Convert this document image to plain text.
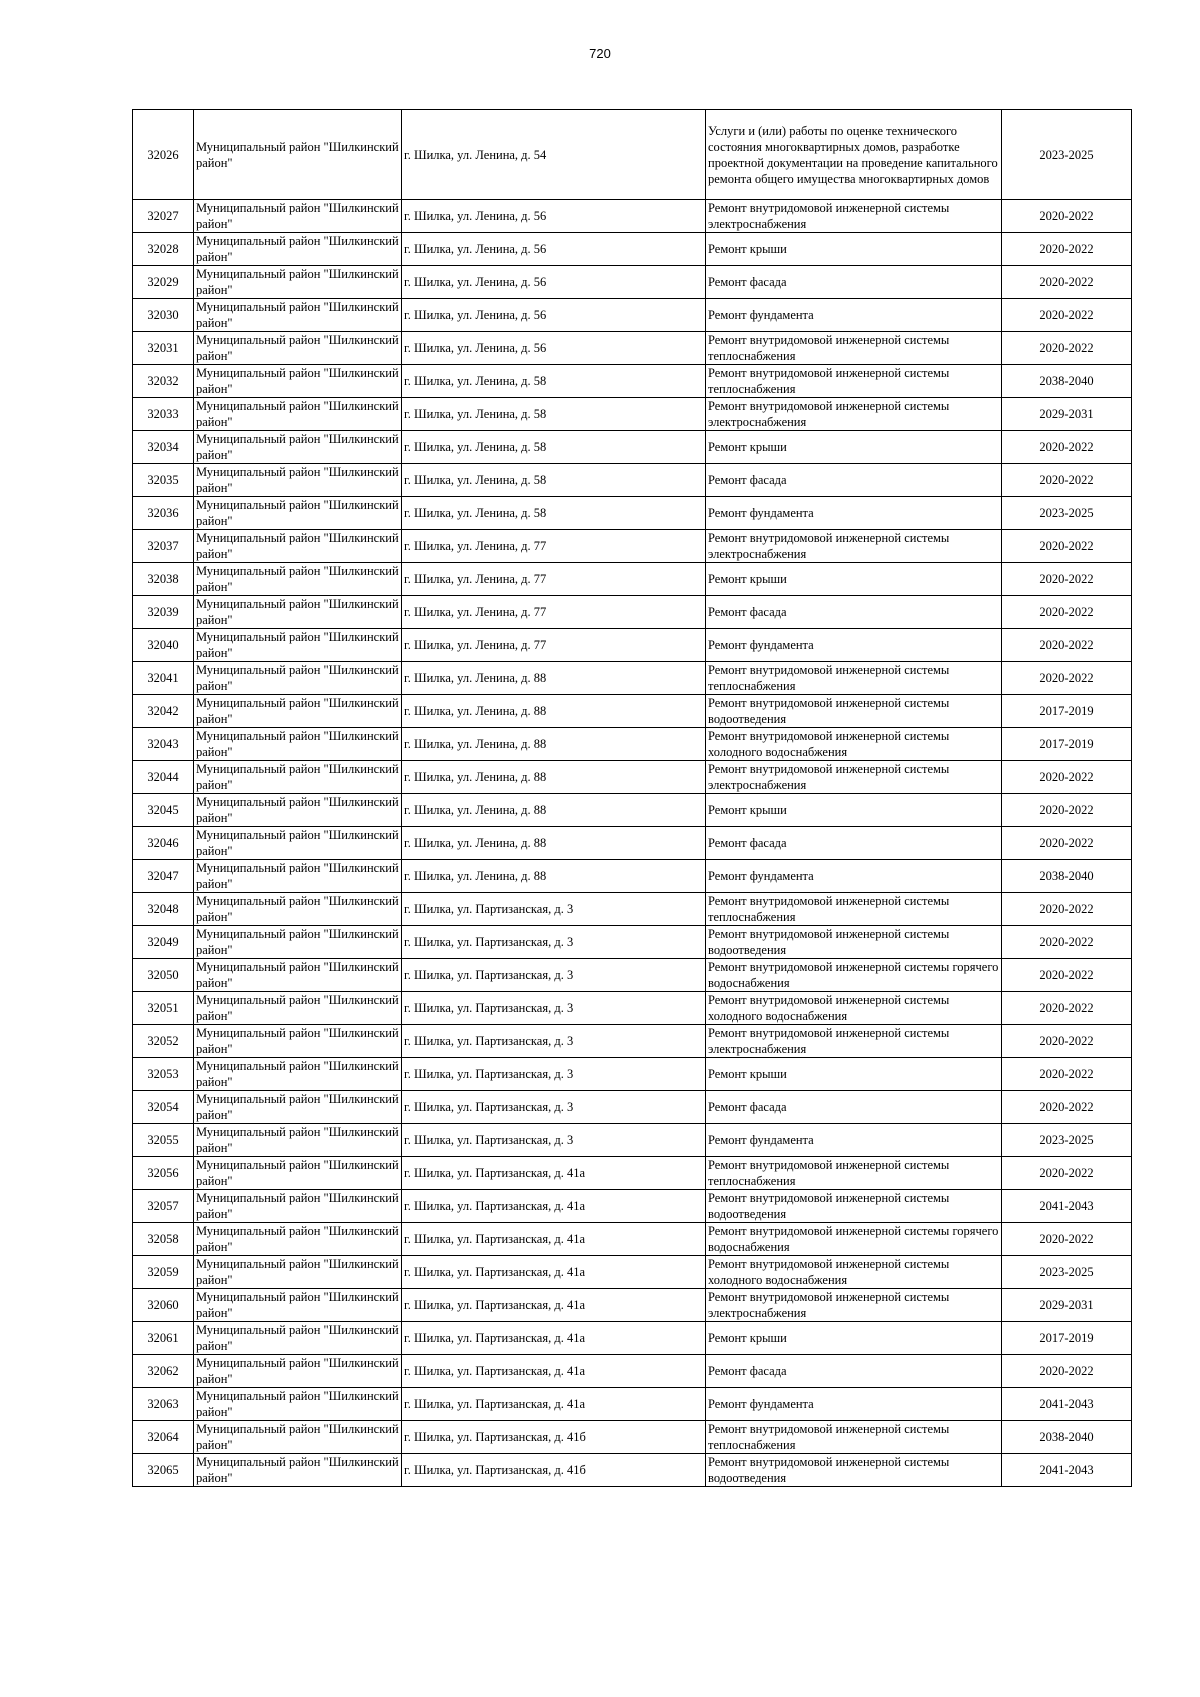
720
32026	Муниципальный район "Шилкинский район"	г. Шилка, ул. Ленина, д. 54	Услуги и (или) работы по оценке технического состояния многоквартирных домов, разработке проектной документации на проведение капитального ремонта общего имущества многоквартирных домов	2023-2025
32027	Муниципальный район "Шилкинский район"	г. Шилка, ул. Ленина, д. 56	Ремонт внутридомовой инженерной системы электроснабжения	2020-2022
32028	Муниципальный район "Шилкинский район"	г. Шилка, ул. Ленина, д. 56	Ремонт крыши	2020-2022
32029	Муниципальный район "Шилкинский район"	г. Шилка, ул. Ленина, д. 56	Ремонт фасада	2020-2022
32030	Муниципальный район "Шилкинский район"	г. Шилка, ул. Ленина, д. 56	Ремонт фундамента	2020-2022
32031	Муниципальный район "Шилкинский район"	г. Шилка, ул. Ленина, д. 56	Ремонт внутридомовой инженерной системы теплоснабжения	2020-2022
32032	Муниципальный район "Шилкинский район"	г. Шилка, ул. Ленина, д. 58	Ремонт внутридомовой инженерной системы теплоснабжения	2038-2040
32033	Муниципальный район "Шилкинский район"	г. Шилка, ул. Ленина, д. 58	Ремонт внутридомовой инженерной системы электроснабжения	2029-2031
32034	Муниципальный район "Шилкинский район"	г. Шилка, ул. Ленина, д. 58	Ремонт крыши	2020-2022
32035	Муниципальный район "Шилкинский район"	г. Шилка, ул. Ленина, д. 58	Ремонт фасада	2020-2022
32036	Муниципальный район "Шилкинский район"	г. Шилка, ул. Ленина, д. 58	Ремонт фундамента	2023-2025
32037	Муниципальный район "Шилкинский район"	г. Шилка, ул. Ленина, д. 77	Ремонт внутридомовой инженерной системы электроснабжения	2020-2022
32038	Муниципальный район "Шилкинский район"	г. Шилка, ул. Ленина, д. 77	Ремонт крыши	2020-2022
32039	Муниципальный район "Шилкинский район"	г. Шилка, ул. Ленина, д. 77	Ремонт фасада	2020-2022
32040	Муниципальный район "Шилкинский район"	г. Шилка, ул. Ленина, д. 77	Ремонт фундамента	2020-2022
32041	Муниципальный район "Шилкинский район"	г. Шилка, ул. Ленина, д. 88	Ремонт внутридомовой инженерной системы теплоснабжения	2020-2022
32042	Муниципальный район "Шилкинский район"	г. Шилка, ул. Ленина, д. 88	Ремонт внутридомовой инженерной системы водоотведения	2017-2019
32043	Муниципальный район "Шилкинский район"	г. Шилка, ул. Ленина, д. 88	Ремонт внутридомовой инженерной системы холодного водоснабжения	2017-2019
32044	Муниципальный район "Шилкинский район"	г. Шилка, ул. Ленина, д. 88	Ремонт внутридомовой инженерной системы электроснабжения	2020-2022
32045	Муниципальный район "Шилкинский район"	г. Шилка, ул. Ленина, д. 88	Ремонт крыши	2020-2022
32046	Муниципальный район "Шилкинский район"	г. Шилка, ул. Ленина, д. 88	Ремонт фасада	2020-2022
32047	Муниципальный район "Шилкинский район"	г. Шилка, ул. Ленина, д. 88	Ремонт фундамента	2038-2040
32048	Муниципальный район "Шилкинский район"	г. Шилка, ул. Партизанская, д. 3	Ремонт внутридомовой инженерной системы теплоснабжения	2020-2022
32049	Муниципальный район "Шилкинский район"	г. Шилка, ул. Партизанская, д. 3	Ремонт внутридомовой инженерной системы водоотведения	2020-2022
32050	Муниципальный район "Шилкинский район"	г. Шилка, ул. Партизанская, д. 3	Ремонт внутридомовой инженерной системы горячего водоснабжения	2020-2022
32051	Муниципальный район "Шилкинский район"	г. Шилка, ул. Партизанская, д. 3	Ремонт внутридомовой инженерной системы холодного водоснабжения	2020-2022
32052	Муниципальный район "Шилкинский район"	г. Шилка, ул. Партизанская, д. 3	Ремонт внутридомовой инженерной системы электроснабжения	2020-2022
32053	Муниципальный район "Шилкинский район"	г. Шилка, ул. Партизанская, д. 3	Ремонт крыши	2020-2022
32054	Муниципальный район "Шилкинский район"	г. Шилка, ул. Партизанская, д. 3	Ремонт фасада	2020-2022
32055	Муниципальный район "Шилкинский район"	г. Шилка, ул. Партизанская, д. 3	Ремонт фундамента	2023-2025
32056	Муниципальный район "Шилкинский район"	г. Шилка, ул. Партизанская, д. 41а	Ремонт внутридомовой инженерной системы теплоснабжения	2020-2022
32057	Муниципальный район "Шилкинский район"	г. Шилка, ул. Партизанская, д. 41а	Ремонт внутридомовой инженерной системы водоотведения	2041-2043
32058	Муниципальный район "Шилкинский район"	г. Шилка, ул. Партизанская, д. 41а	Ремонт внутридомовой инженерной системы горячего водоснабжения	2020-2022
32059	Муниципальный район "Шилкинский район"	г. Шилка, ул. Партизанская, д. 41а	Ремонт внутридомовой инженерной системы холодного водоснабжения	2023-2025
32060	Муниципальный район "Шилкинский район"	г. Шилка, ул. Партизанская, д. 41а	Ремонт внутридомовой инженерной системы электроснабжения	2029-2031
32061	Муниципальный район "Шилкинский район"	г. Шилка, ул. Партизанская, д. 41а	Ремонт крыши	2017-2019
32062	Муниципальный район "Шилкинский район"	г. Шилка, ул. Партизанская, д. 41а	Ремонт фасада	2020-2022
32063	Муниципальный район "Шилкинский район"	г. Шилка, ул. Партизанская, д. 41а	Ремонт фундамента	2041-2043
32064	Муниципальный район "Шилкинский район"	г. Шилка, ул. Партизанская, д. 41б	Ремонт внутридомовой инженерной системы теплоснабжения	2038-2040
32065	Муниципальный район "Шилкинский район"	г. Шилка, ул. Партизанская, д. 41б	Ремонт внутридомовой инженерной системы водоотведения	2041-2043
